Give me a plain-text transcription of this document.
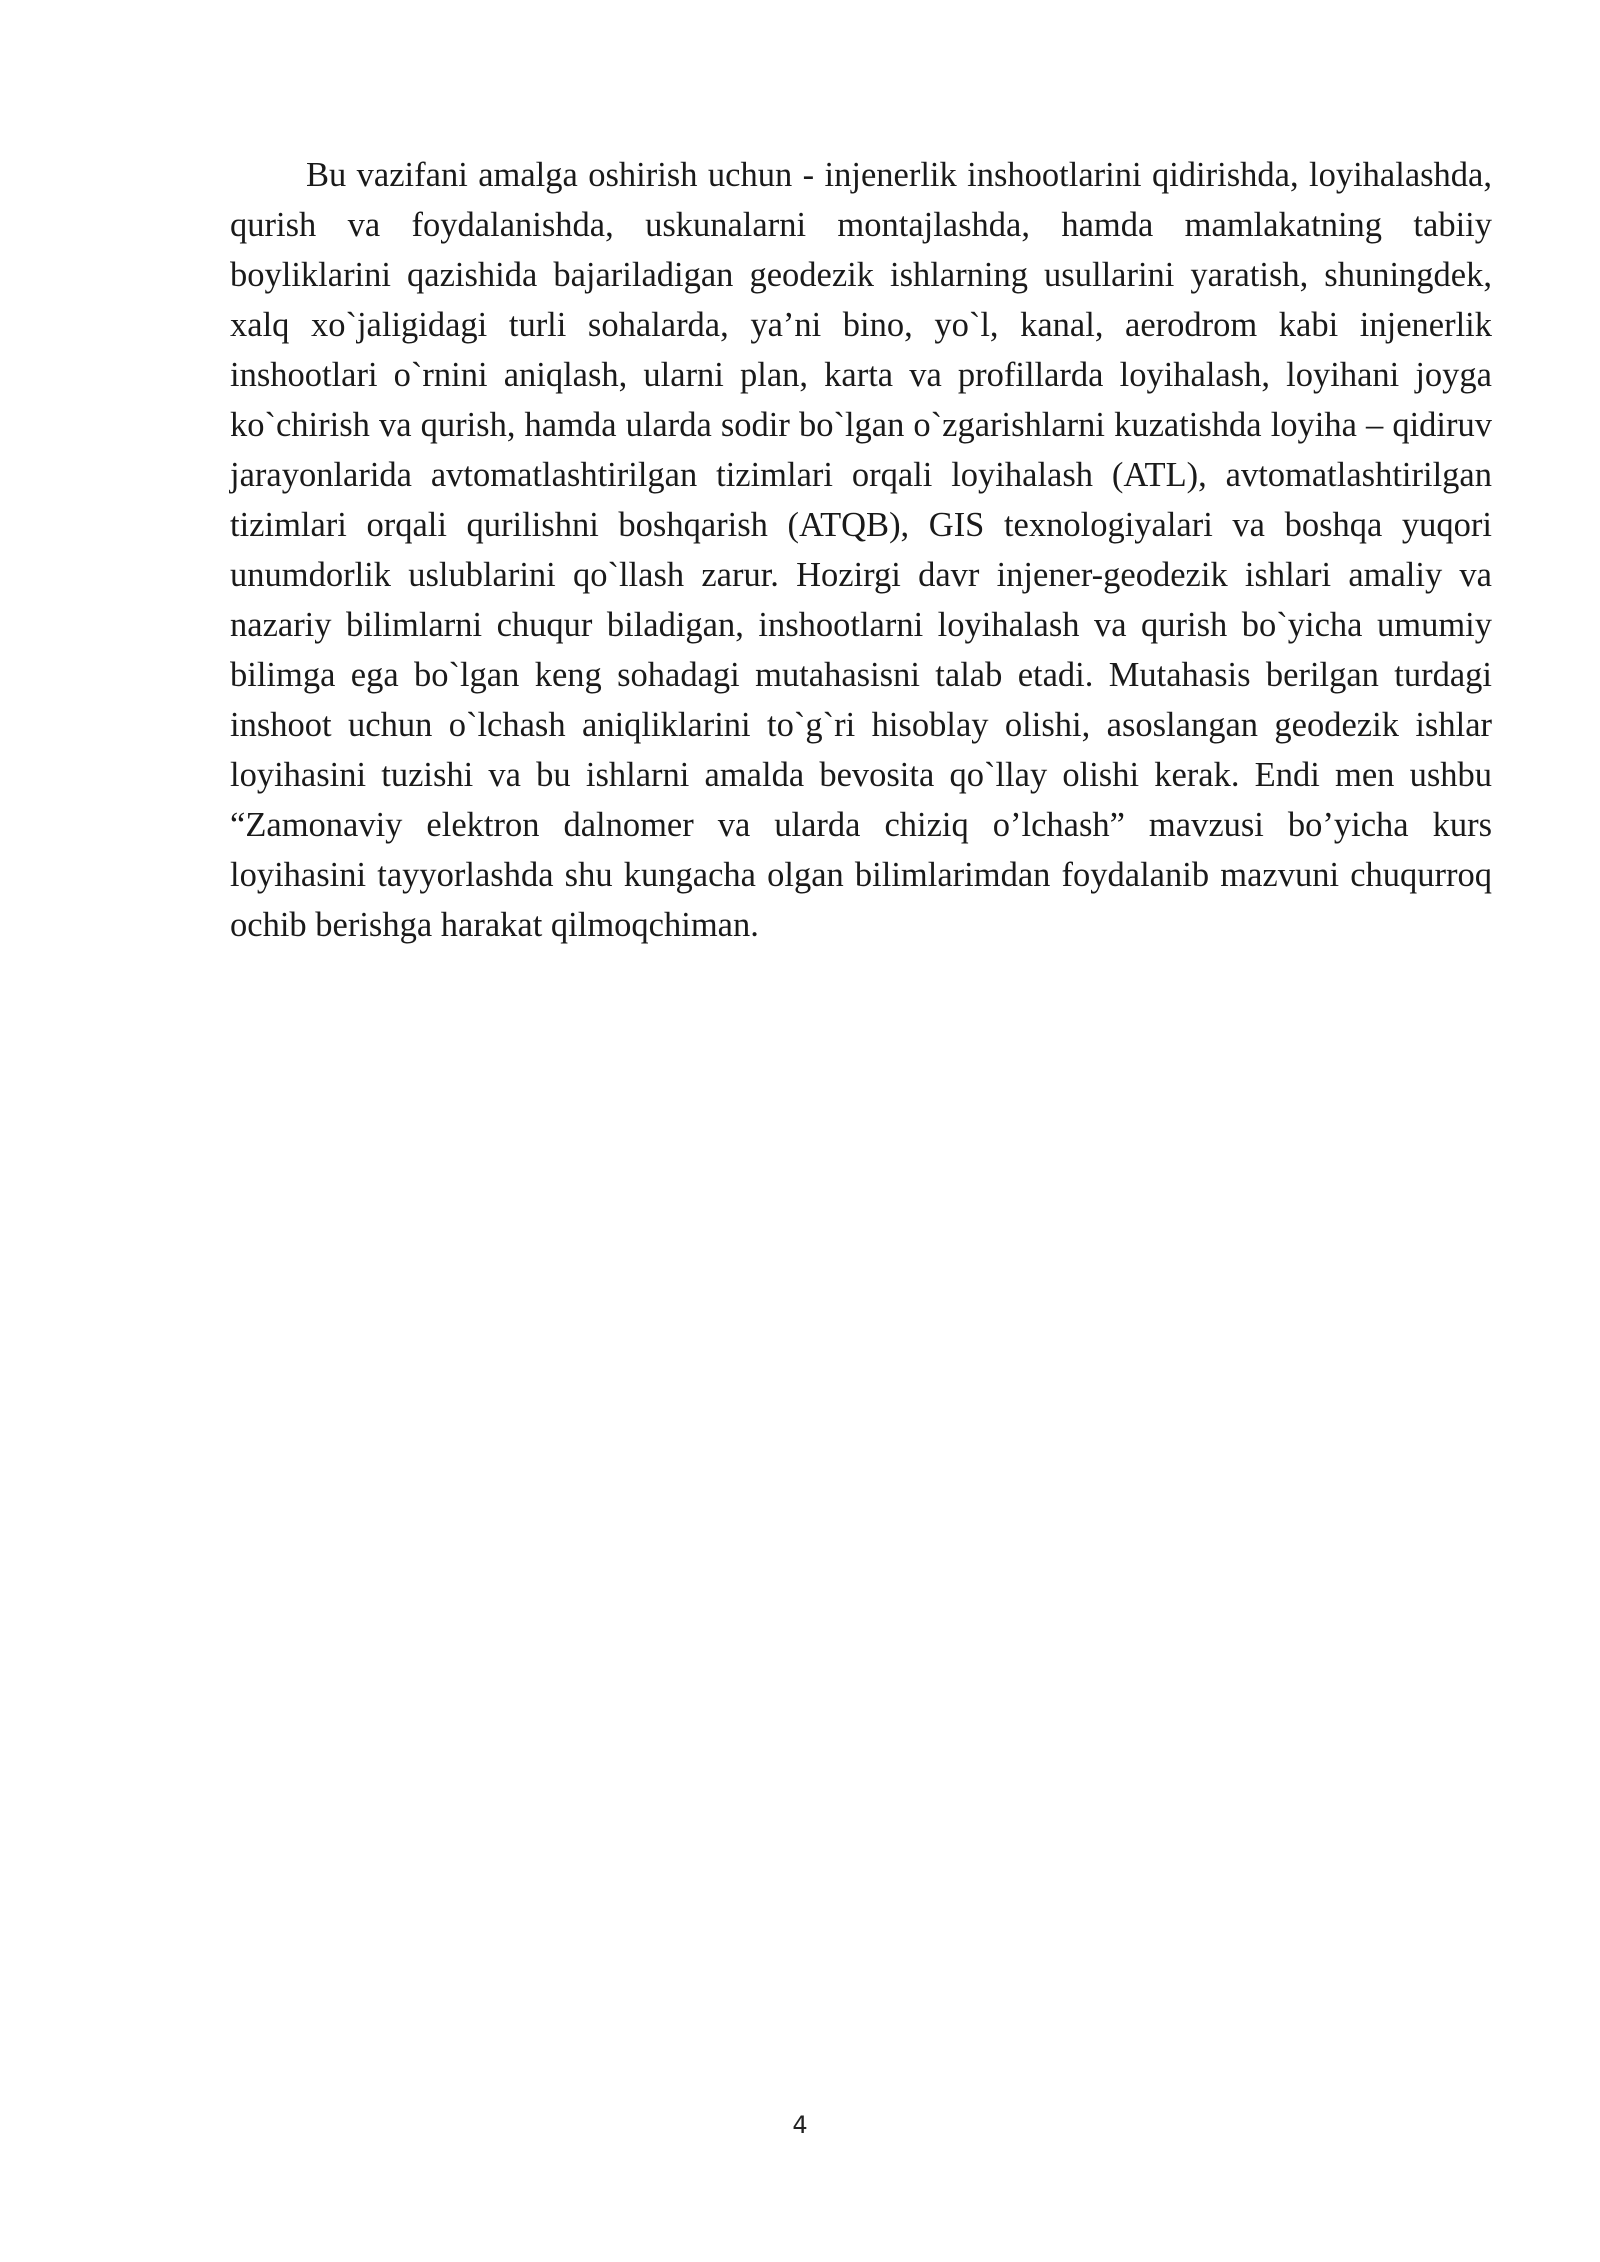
Bu vazifani amalga oshirish uchun - injenerlik inshootlarini qidirishda, loyihalashda, qurish va foydalanishda, uskunalarni montajlashda, hamda mamlakatning tabiiy boyliklarini qazishida bajariladigan geodezik ishlarning usullarini yaratish, shuningdek, xalq xo`jaligidagi turli sohalarda, ya’ni bino, yo`l, kanal, aerodrom kabi injenerlik inshootlari o`rnini aniqlash, ularni plan, karta va profillarda loyihalash, loyihani joyga ko`chirish va qurish, hamda ularda sodir bo`lgan o`zgarishlarni kuzatishda loyiha – qidiruv jarayonlarida avtomatlashtirilgan tizimlari orqali loyihalash (ATL), avtomatlashtirilgan tizimlari orqali qurilishni boshqarish (ATQB), GIS texnologiyalari va boshqa yuqori unumdorlik uslublarini qo`llash zarur. Hozirgi davr injener-geodezik ishlari amaliy va nazariy bilimlarni chuqur biladigan, inshootlarni loyihalash va qurish bo`yicha umumiy bilimga ega bo`lgan keng sohadagi mutahasisni talab etadi. Mutahasis berilgan turdagi inshoot uchun o`lchash aniqliklarini to`g`ri hisoblay olishi, asoslangan geodezik ishlar loyihasini tuzishi va bu ishlarni amalda bevosita qo`llay olishi kerak. Endi men ushbu “Zamonaviy elektron dalnomer va ularda chiziq o’lchash” mavzusi bo’yicha kurs loyihasini tayyorlashda shu kungacha olgan bilimlarimdan foydalanib mazvuni chuqurroq ochib berishga harakat qilmoqchiman.

4
